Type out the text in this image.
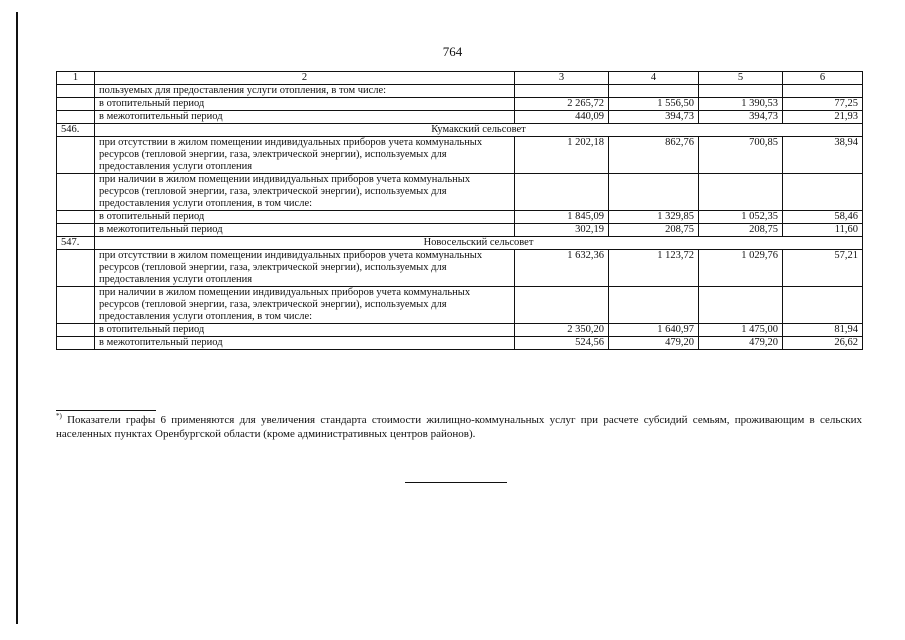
764
1	2	3	4	5	6
	пользуемых для предоставления услуги отопления, в том числе:				
	в отопительный период	2 265,72	1 556,50	1 390,53	77,25
	в межотопительный период	440,09	394,73	394,73	21,93
546.	Кумакский сельсовет				
	при отсутствии в жилом помещении индивидуальных приборов учета коммунальных ресурсов (тепловой энергии, газа, электрической энергии), используемых для предоставления услуги отопления	1 202,18	862,76	700,85	38,94
	при наличии в жилом помещении индивидуальных приборов учета коммунальных ресурсов (тепловой энергии, газа, электрической энергии), используемых для предоставления услуги отопления, в том числе:				
	в отопительный период	1 845,09	1 329,85	1 052,35	58,46
	в межотопительный период	302,19	208,75	208,75	11,60
547.	Новосельский сельсовет				
	при отсутствии в жилом помещении индивидуальных приборов учета коммунальных ресурсов (тепловой энергии, газа, электрической энергии), используемых для предоставления услуги отопления	1 632,36	1 123,72	1 029,76	57,21
	при наличии в жилом помещении индивидуальных приборов учета коммунальных ресурсов (тепловой энергии, газа, электрической энергии), используемых для предоставления услуги отопления, в том числе:				
	в отопительный период	2 350,20	1 640,97	1 475,00	81,94
	в межотопительный период	524,56	479,20	479,20	26,62
*) Показатели графы 6 применяются для увеличения стандарта стоимости жилищно-коммунальных услуг при расчете субсидий семьям, проживающим в сельских населенных пунктах Оренбургской области (кроме административных центров районов).
